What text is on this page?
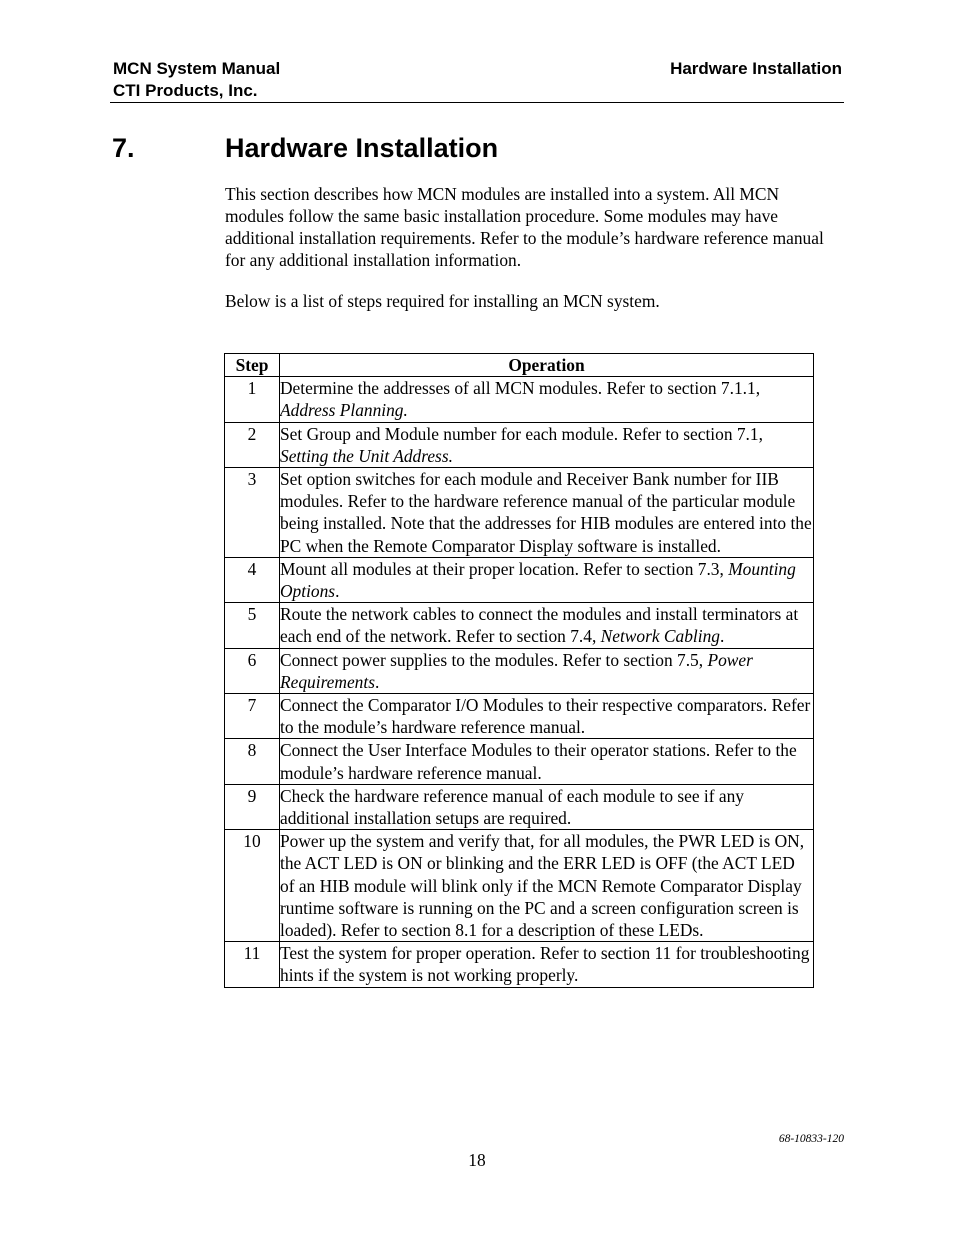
MCN System Manual
CTI Products, Inc.
Hardware Installation
7.	Hardware Installation

This section describes how MCN modules are installed into a system. All MCN modules follow the same basic installation procedure. Some modules may have additional installation requirements. Refer to the module’s hardware reference manual for any additional installation information.

Below is a list of steps required for installing an MCN system.

Step	Operation
1	Determine the addresses of all MCN modules. Refer to section 7.1.1, Address Planning.
2	Set Group and Module number for each module. Refer to section 7.1, Setting the Unit Address.
3	Set option switches for each module and Receiver Bank number for IIB modules. Refer to the hardware reference manual of the particular module being installed. Note that the addresses for HIB modules are entered into the PC when the Remote Comparator Display software is installed.
4	Mount all modules at their proper location. Refer to section 7.3, Mounting Options.
5	Route the network cables to connect the modules and install terminators at each end of the network. Refer to section 7.4, Network Cabling.
6	Connect power supplies to the modules. Refer to section 7.5, Power Requirements.
7	Connect the Comparator I/O Modules to their respective comparators. Refer to the module’s hardware reference manual.
8	Connect the User Interface Modules to their operator stations. Refer to the module’s hardware reference manual.
9	Check the hardware reference manual of each module to see if any additional installation setups are required.
10	Power up the system and verify that, for all modules, the PWR LED is ON, the ACT LED is ON or blinking and the ERR LED is OFF (the ACT LED of an HIB module will blink only if the MCN Remote Comparator Display runtime software is running on the PC and a screen configuration screen is loaded). Refer to section 8.1 for a description of these LEDs.
11	Test the system for proper operation. Refer to section 11 for troubleshooting hints if the system is not working properly.
68-10833-120
18
